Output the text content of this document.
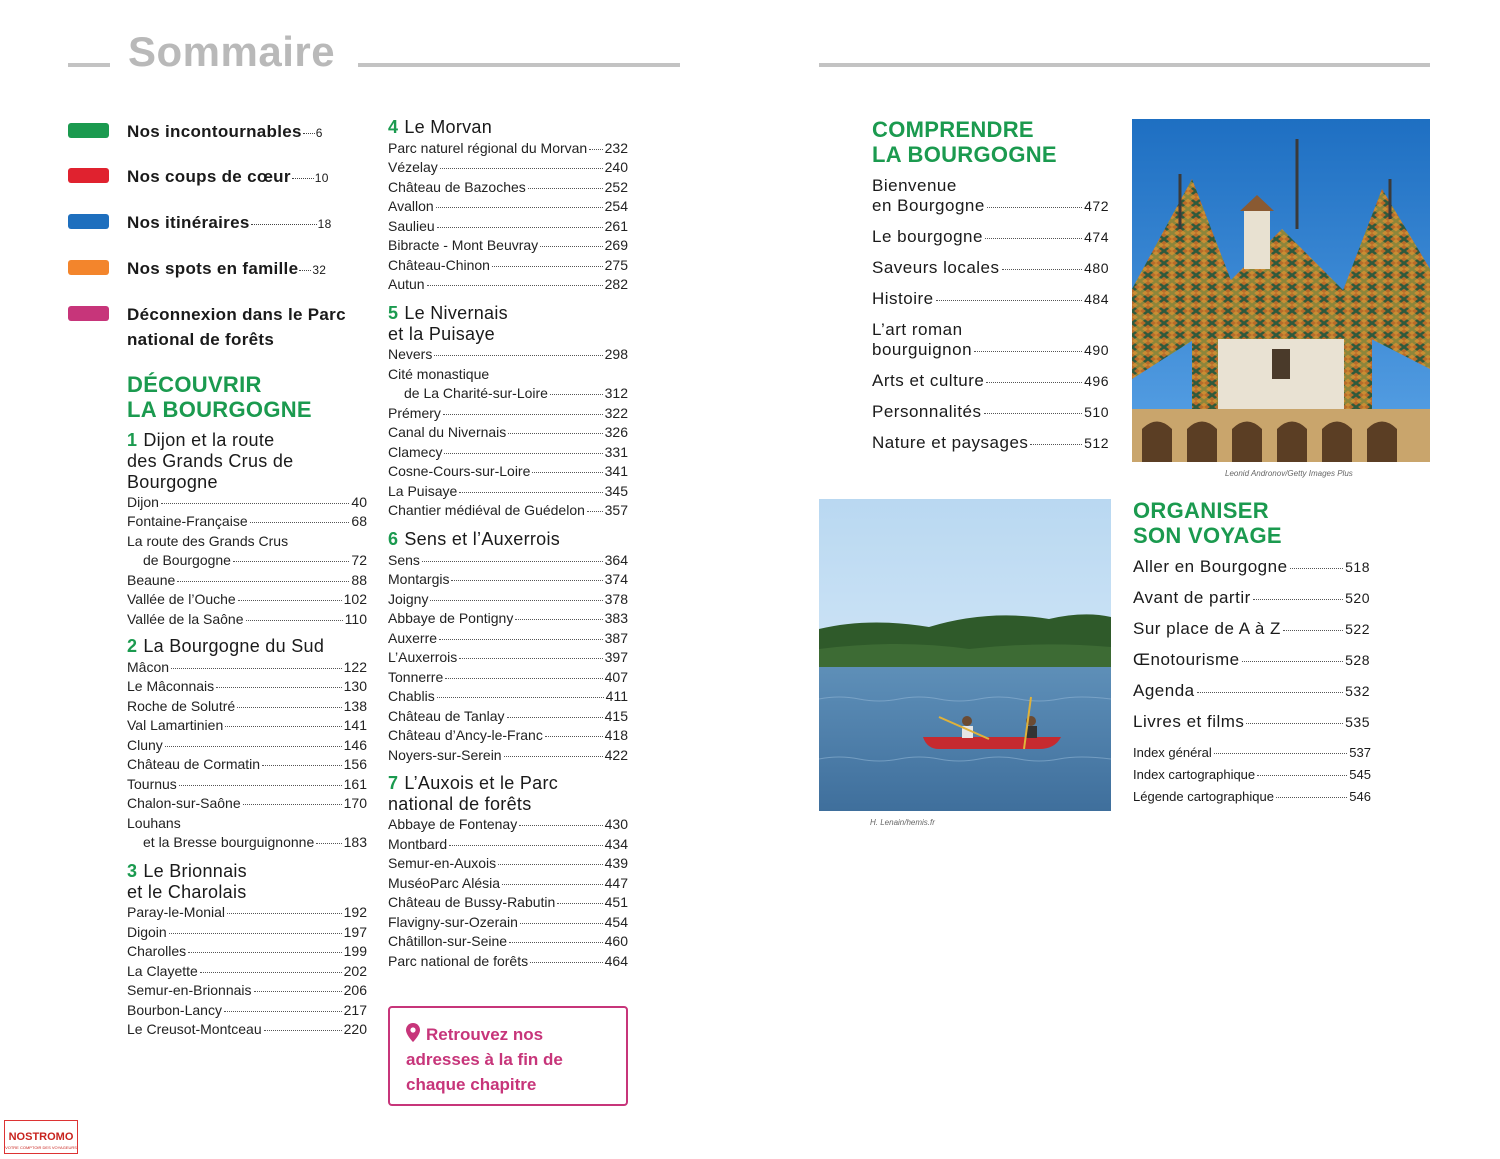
Sommaire
Nos incontournables 6
Nos coups de cœur 10
Nos itinéraires	18
Nos spots en famille 32
Déconnexion dans le Parc national de forêts
DÉCOUVRIR
LA BOURGOGNE
1 Dijon et la route
des Grands Crus de
Bourgogne
Dijon	40
Fontaine-Française	68
La route des Grands Crus
de Bourgogne	72
Beaune	88
Vallée de l’Ouche	102
Vallée de la Saône	110
2 La Bourgogne du Sud
Mâcon	122
Le Mâconnais	130
Roche de Solutré	138
Val Lamartinien	141
Cluny	146
Château de Cormatin	156
Tournus	161
Chalon-sur-Saône	170
Louhans
et la Bresse bourguignonne 183
3 Le Brionnais
et le Charolais
Paray-le-Monial	192
Digoin	197
Charolles	199
La Clayette	202
Semur-en-Brionnais	206
Bourbon-Lancy	217
Le Creusot-Montceau	220
4 Le Morvan
Parc naturel régional du Morvan 232
Vézelay	240
Château de Bazoches	252
Avallon	254
Saulieu	261
Bibracte - Mont Beuvray	269
Château-Chinon	275
Autun	282
5 Le Nivernais
et la Puisaye
Nevers	298
Cité monastique
de La Charité-sur-Loire	312
Prémery	322
Canal du Nivernais	326
Clamecy	331
Cosne-Cours-sur-Loire	341
La Puisaye	345
Chantier médiéval de Guédelon 357
6 Sens et l’Auxerrois
Sens	364
Montargis	374
Joigny	378
Abbaye de Pontigny	383
Auxerre	387
L’Auxerrois	397
Tonnerre	407
Chablis	411
Château de Tanlay	415
Château d’Ancy-le-Franc	418
Noyers-sur-Serein	422
7 L’Auxois et le Parc
national de forêts
Abbaye de Fontenay	430
Montbard	434
Semur-en-Auxois	439
MuséoParc Alésia	447
Château de Bussy-Rabutin	451
Flavigny-sur-Ozerain	454
Châtillon-sur-Seine	460
Parc national de forêts	464
Retrouvez nos adresses à la fin de chaque chapitre
COMPRENDRE
LA BOURGOGNE
Bienvenue
en Bourgogne	472
Le bourgogne	474
Saveurs locales	480
Histoire	484
L’art roman
bourguignon	490
Arts et culture	496
Personnalités	510
Nature et paysages	512
Leonid Andronov/Getty Images Plus
H. Lenain/hemis.fr
ORGANISER
SON VOYAGE
Aller en Bourgogne	518
Avant de partir	520
Sur place de A à Z	522
Œnotourisme	528
Agenda	532
Livres et films	535
Index général	537
Index cartographique	545
Légende cartographique	546
NOSTROMO
VOTRE COMPTOIR DES VOYAGEURS
